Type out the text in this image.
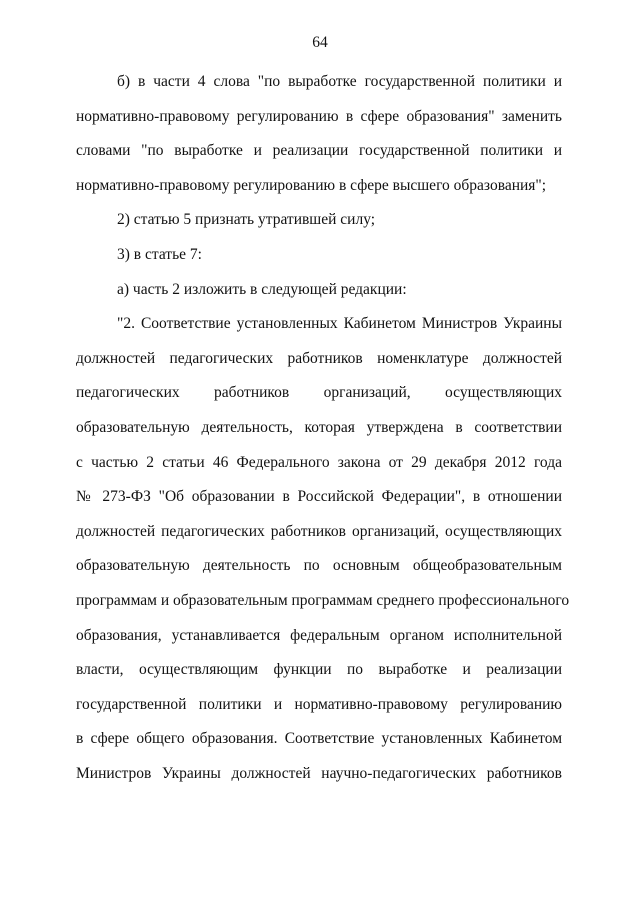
64
б) в части 4 слова "по выработке государственной политики и
нормативно-правовому регулированию в сфере образования" заменить
словами "по выработке и реализации государственной политики и
нормативно-правовому регулированию в сфере высшего образования";
2) статью 5 признать утратившей силу;
3) в статье 7:
а) часть 2 изложить в следующей редакции:
"2. Соответствие установленных Кабинетом Министров Украины
должностей педагогических работников номенклатуре должностей
педагогических работников организаций, осуществляющих
образовательную деятельность, которая утверждена в соответствии
с частью 2 статьи 46 Федерального закона от 29 декабря 2012 года
№ 273-ФЗ "Об образовании в Российской Федерации", в отношении
должностей педагогических работников организаций, осуществляющих
образовательную деятельность по основным общеобразовательным
программам и образовательным программам среднего профессионального
образования, устанавливается федеральным органом исполнительной
власти, осуществляющим функции по выработке и реализации
государственной политики и нормативно-правовому регулированию
в сфере общего образования. Соответствие установленных Кабинетом
Министров Украины должностей научно-педагогических работников
